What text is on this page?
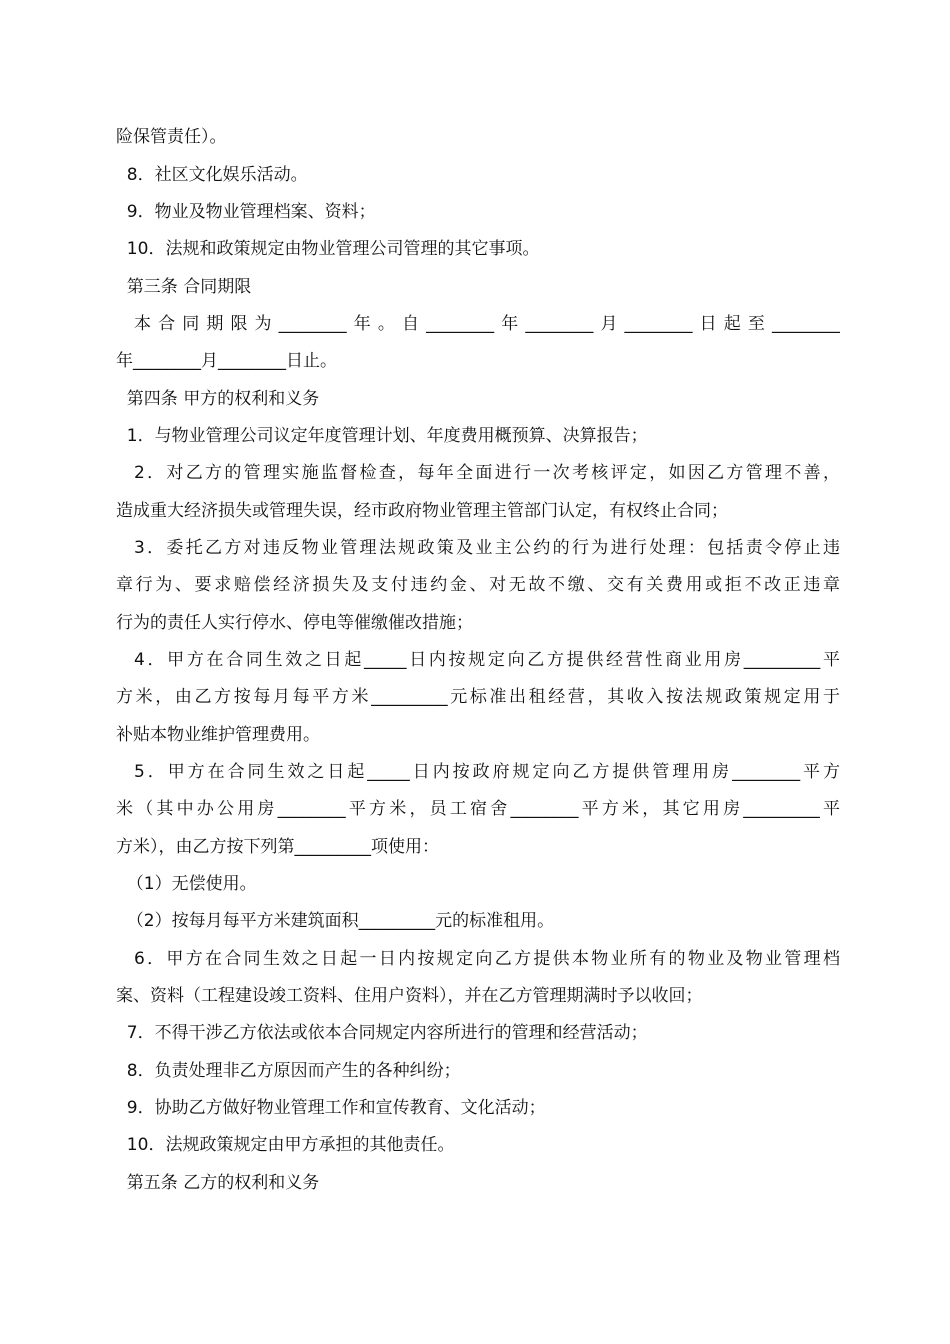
险保管责任）。
8．社区文化娱乐活动。
9．物业及物业管理档案、资料；
10．法规和政策规定由物业管理公司管理的其它事项。
第三条 合同期限
本合同期限为________年。自________年________月________日起至________
年________月________日止。
第四条 甲方的权利和义务
1．与物业管理公司议定年度管理计划、年度费用概预算、决算报告；
2．对乙方的管理实施监督检查，每年全面进行一次考核评定，如因乙方管理不善，
造成重大经济损失或管理失误，经市政府物业管理主管部门认定，有权终止合同；
3．委托乙方对违反物业管理法规政策及业主公约的行为进行处理：包括责令停止违
章行为、要求赔偿经济损失及支付违约金、对无故不缴、交有关费用或拒不改正违章
行为的责任人实行停水、停电等催缴催改措施；
4．甲方在合同生效之日起_____日内按规定向乙方提供经营性商业用房_________平
方米，由乙方按每月每平方米_________元标准出租经营，其收入按法规政策规定用于
补贴本物业维护管理费用。
5．甲方在合同生效之日起_____日内按政府规定向乙方提供管理用房________平方
米（其中办公用房________平方米，员工宿舍________平方米，其它用房_________平
方米），由乙方按下列第_________项使用：
（1）无偿使用。
（2）按每月每平方米建筑面积_________元的标准租用。
6．甲方在合同生效之日起一日内按规定向乙方提供本物业所有的物业及物业管理档
案、资料（工程建设竣工资料、住用户资料），并在乙方管理期满时予以收回；
7．不得干涉乙方依法或依本合同规定内容所进行的管理和经营活动；
8．负责处理非乙方原因而产生的各种纠纷；
9．协助乙方做好物业管理工作和宣传教育、文化活动；
10．法规政策规定由甲方承担的其他责任。
第五条 乙方的权利和义务
